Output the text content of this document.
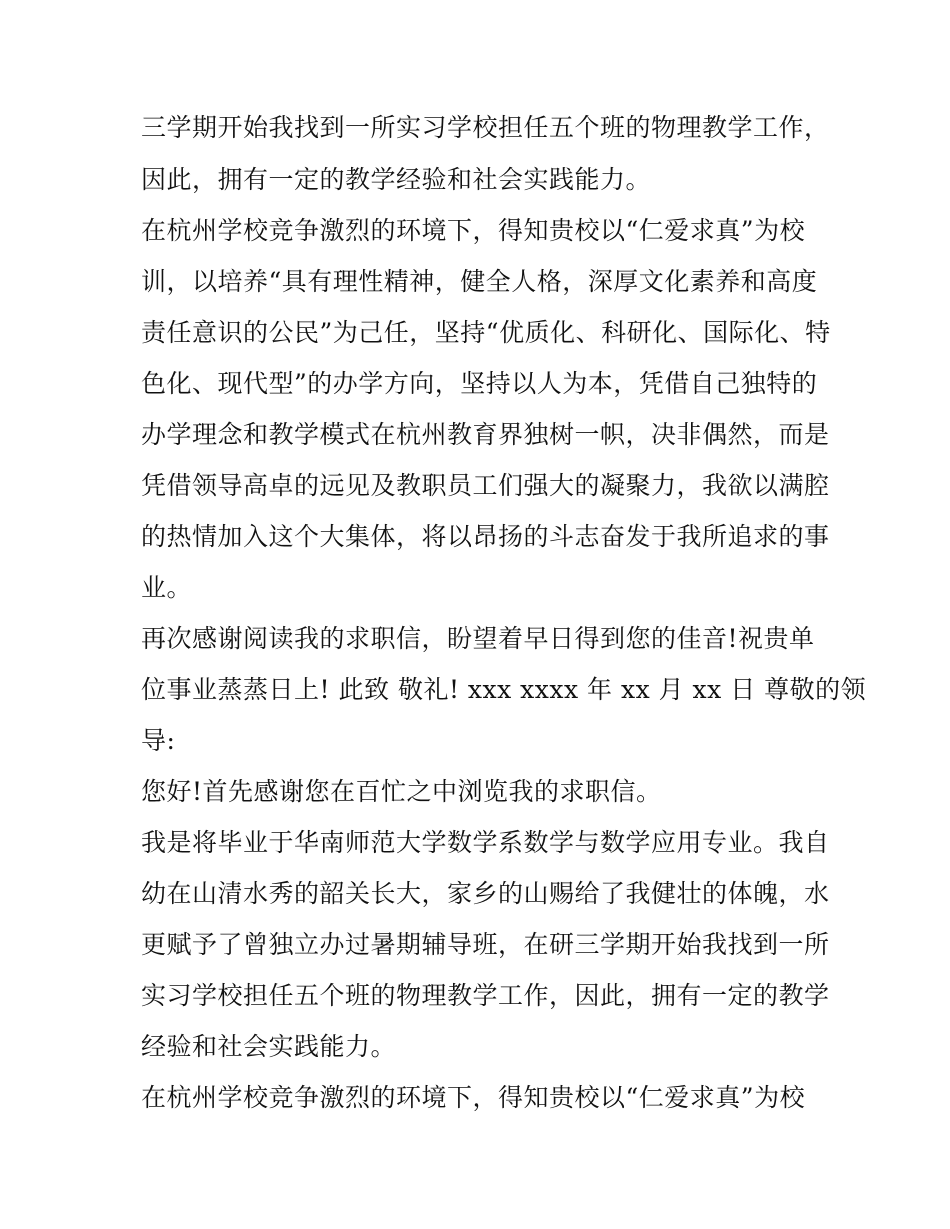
三学期开始我找到一所实习学校担任五个班的物理教学工作，
因此，拥有一定的教学经验和社会实践能力。
在杭州学校竞争激烈的环境下，得知贵校以“仁爱求真”为校
训，以培养“具有理性精神，健全人格，深厚文化素养和高度
责任意识的公民”为己任，坚持“优质化、科研化、国际化、特
色化、现代型”的办学方向，坚持以人为本，凭借自己独特的
办学理念和教学模式在杭州教育界独树一帜，决非偶然，而是
凭借领导高卓的远见及教职员工们强大的凝聚力，我欲以满腔
的热情加入这个大集体，将以昂扬的斗志奋发于我所追求的事
业。
再次感谢阅读我的求职信，盼望着早日得到您的佳音!祝贵单
位事业蒸蒸日上! 此致 敬礼! xxx xxxx 年 xx 月 xx 日 尊敬的领
导:
您好!首先感谢您在百忙之中浏览我的求职信。
我是将毕业于华南师范大学数学系数学与数学应用专业。我自
幼在山清水秀的韶关长大，家乡的山赐给了我健壮的体魄，水
更赋予了曾独立办过暑期辅导班，在研三学期开始我找到一所
实习学校担任五个班的物理教学工作，因此，拥有一定的教学
经验和社会实践能力。
在杭州学校竞争激烈的环境下，得知贵校以“仁爱求真”为校
